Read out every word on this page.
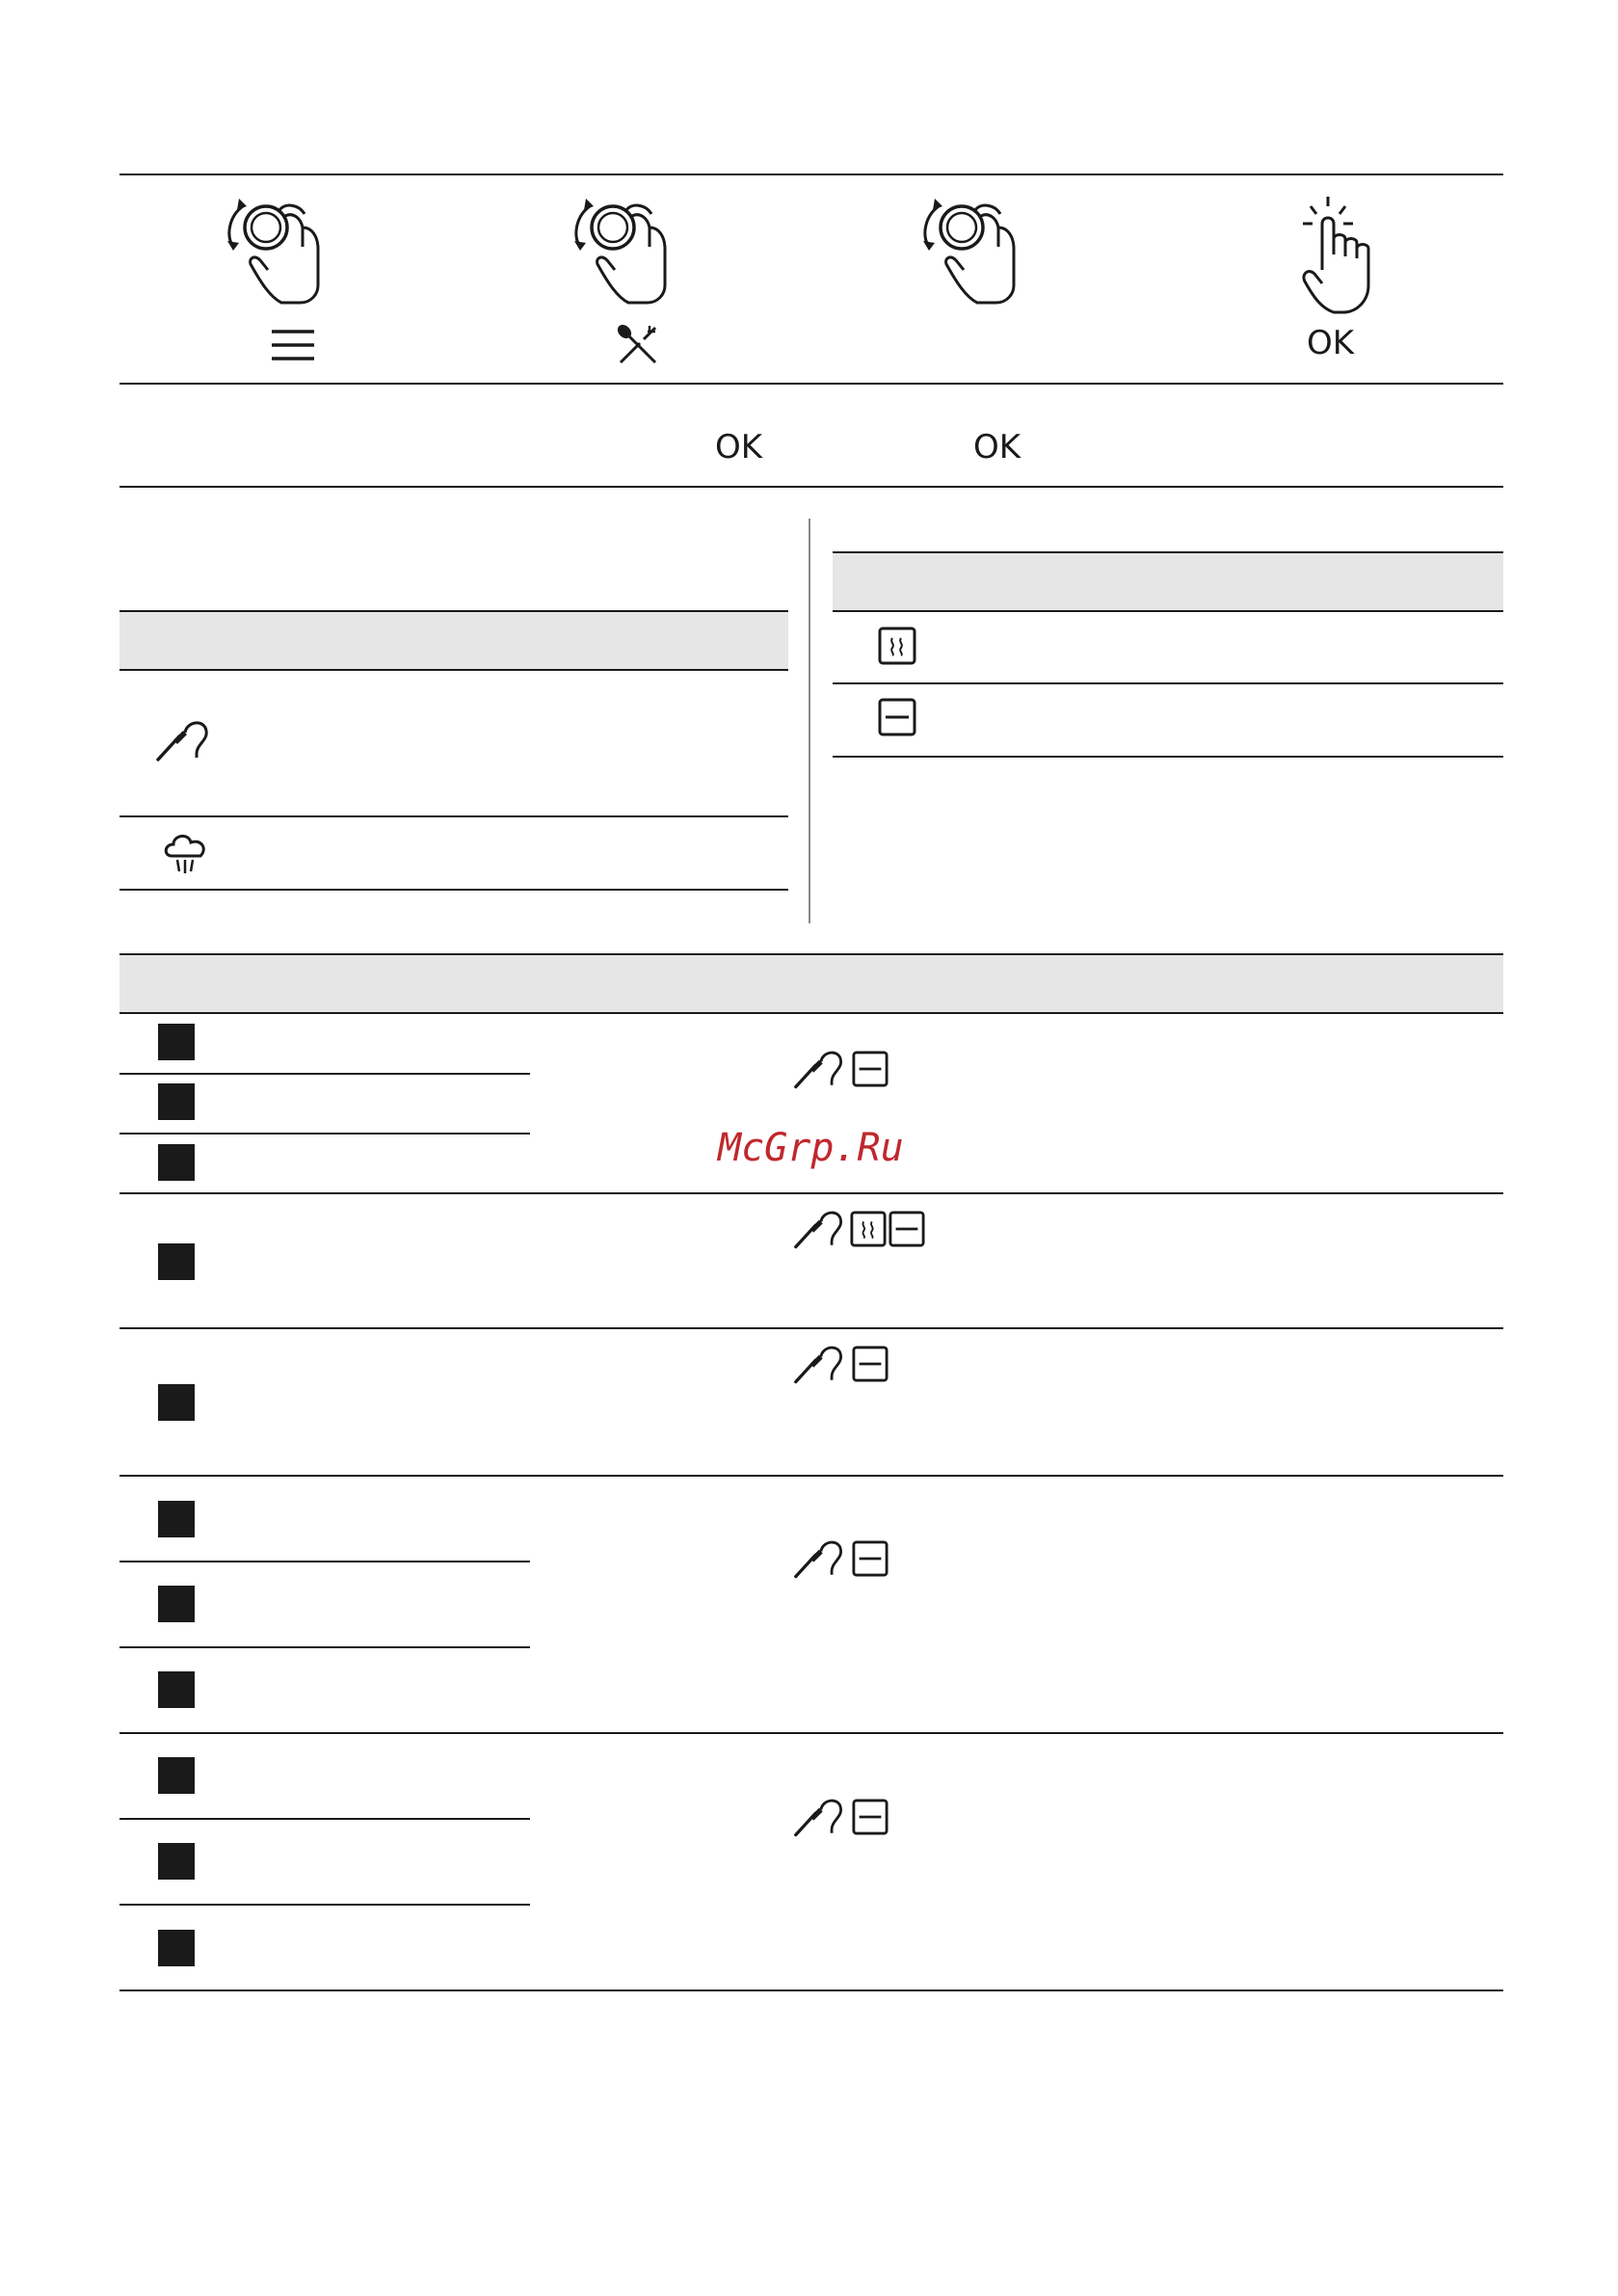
OK
OK	OK
McGrp.Ru
